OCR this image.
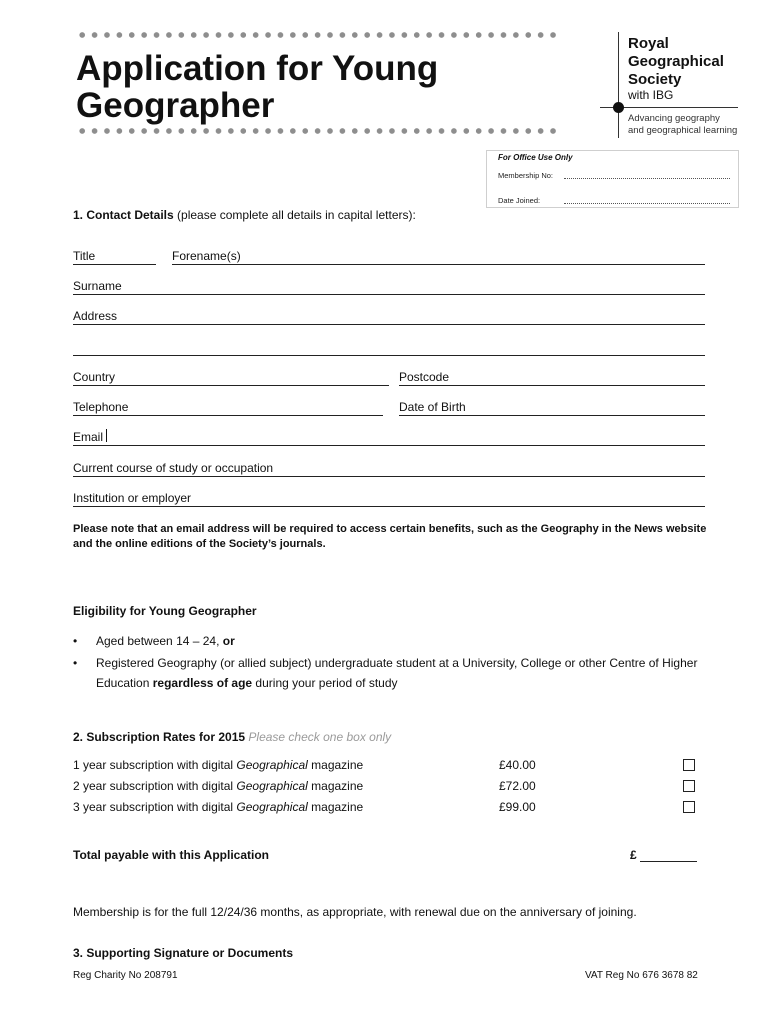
Application for Young
Geographer
Royal
Geographical
Society
with IBG
Advancing geography
and geographical learning
For Office Use Only
Membership No:
Date Joined:
1. Contact Details (please complete all details in capital letters):
Title	Forename(s)
Surname
Address
Country	Postcode
Telephone	Date of Birth
Email
Current course of study or occupation
Institution or employer
Please note that an email address will be required to access certain benefits, such as the Geography in the News website and the online editions of the Society’s journals.
Eligibility for Young Geographer
• Aged between 14 – 24, or
• Registered Geography (or allied subject) undergraduate student at a University, College or other Centre of Higher Education regardless of age during your period of study
2. Subscription Rates for 2015 Please check one box only
1 year subscription with digital Geographical magazine	£40.00
2 year subscription with digital Geographical magazine	£72.00
3 year subscription with digital Geographical magazine	£99.00
Total payable with this Application	£
Membership is for the full 12/24/36 months, as appropriate, with renewal due on the anniversary of joining.
3. Supporting Signature or Documents
Reg Charity No 208791	VAT Reg No 676 3678 82
